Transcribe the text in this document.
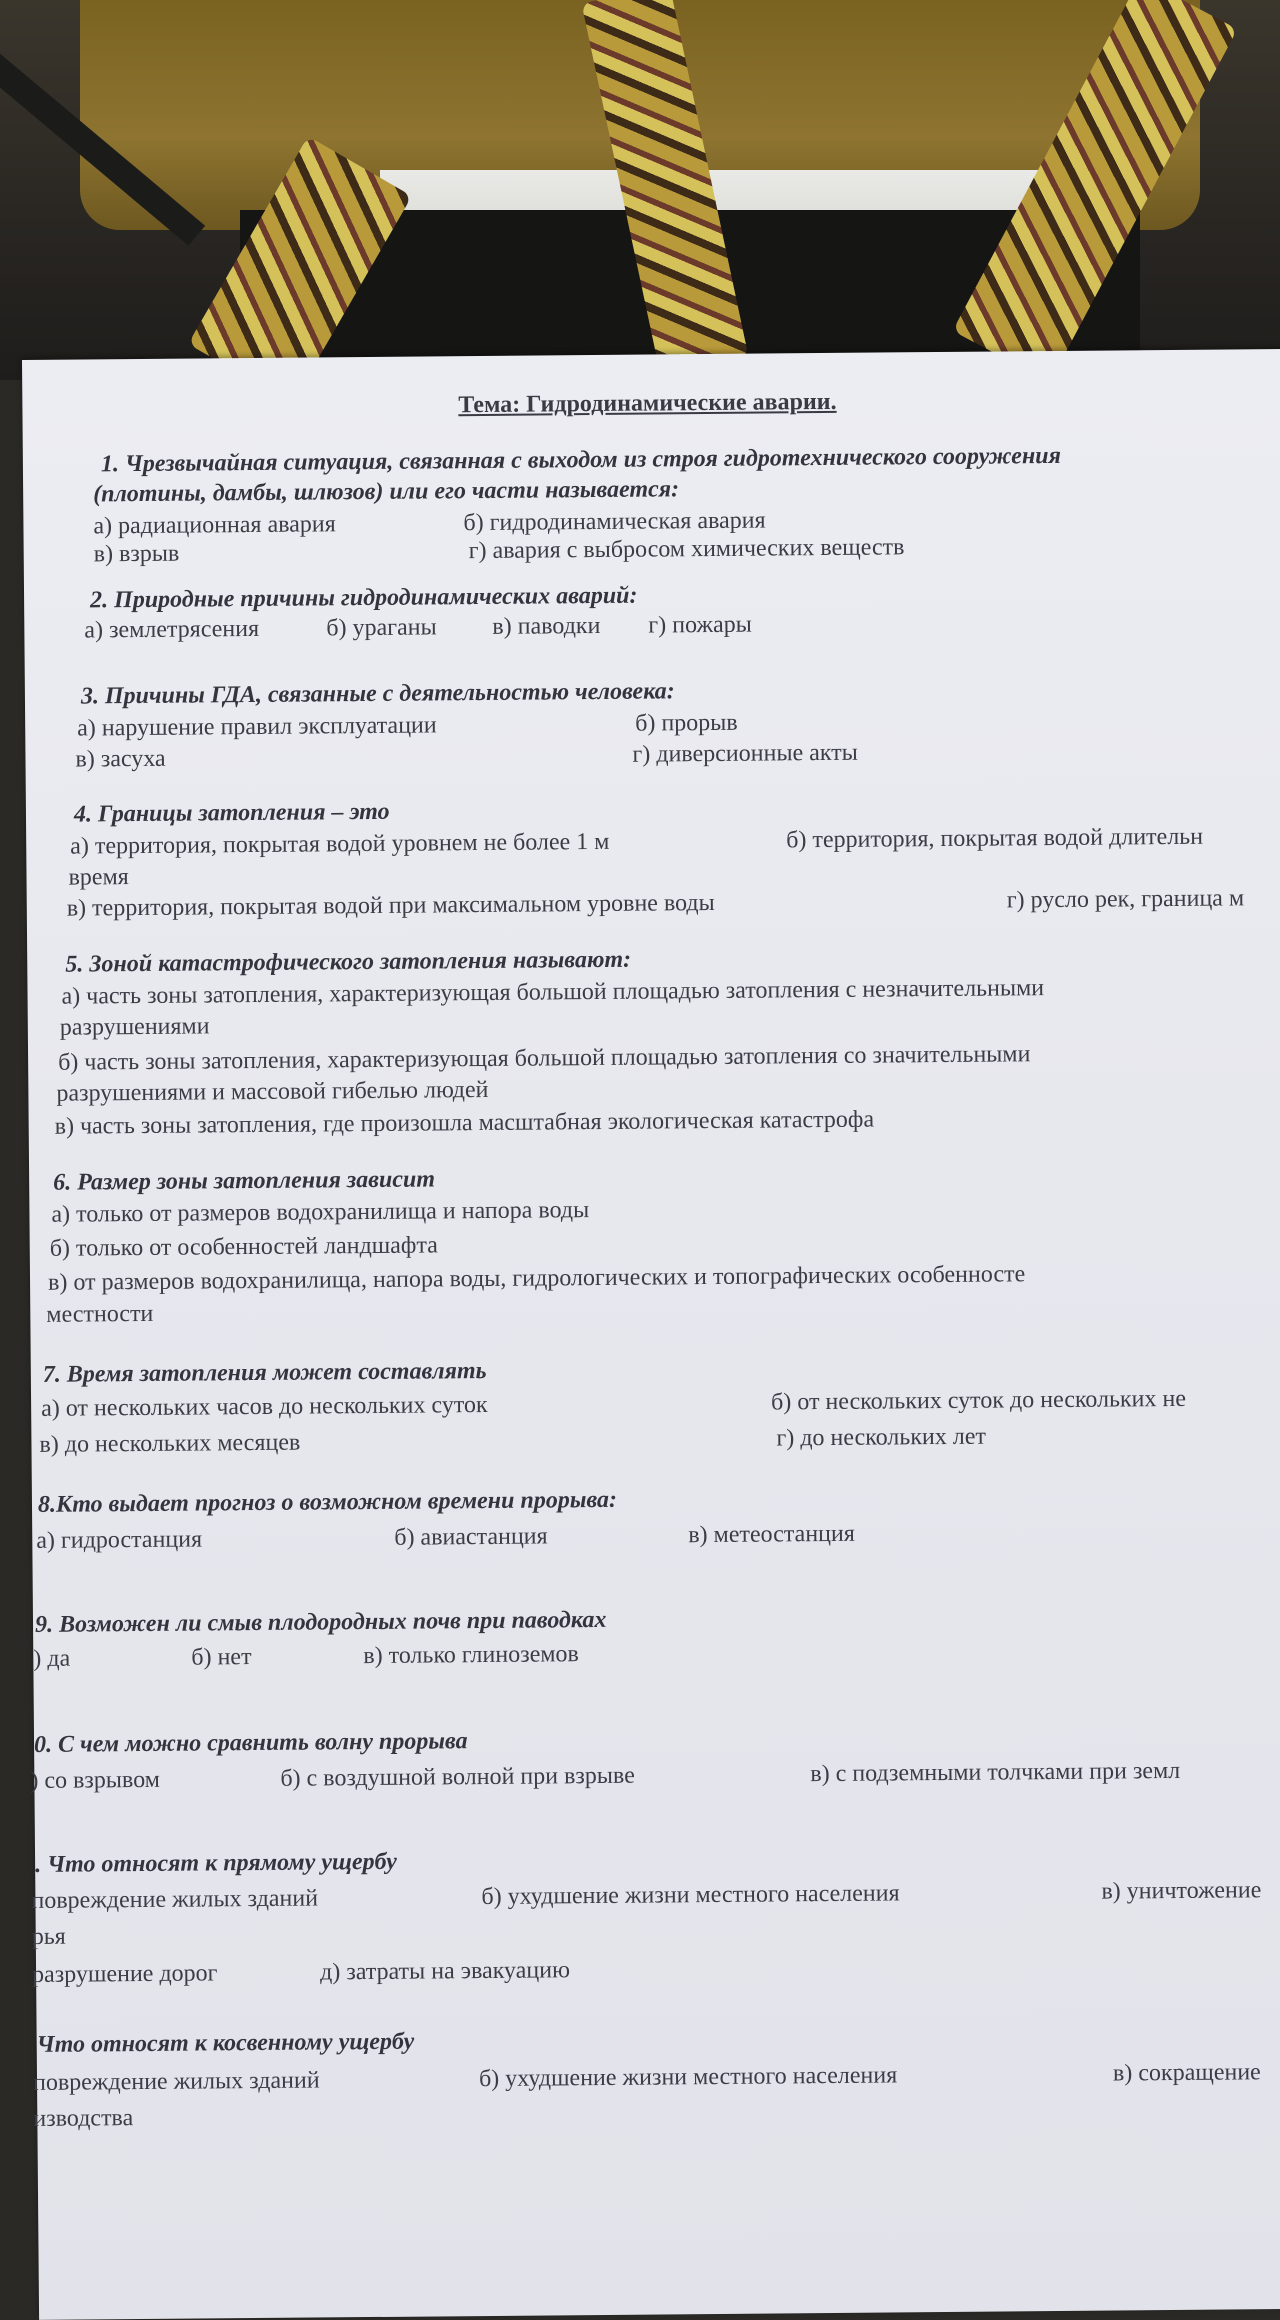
Тема: Гидродинамические аварии.
1. Чрезвычайная ситуация, связанная с выходом из строя гидротехнического сооружения
(плотины, дамбы, шлюзов) или его части называется:
а) радиационная авария	б) гидродинамическая авария
в) взрыв	г) авария с выбросом химических веществ
2. Природные причины гидродинамических аварий:
а) землетрясения	б) ураганы в) паводки г) пожары
3. Причины ГДА, связанные с деятельностью человека:
а) нарушение правил эксплуатации	б) прорыв
в) засуха	г) диверсионные акты
4. Границы затопления – это
а) территория, покрытая водой уровнем не более 1 м	б) территория, покрытая водой длительн
время
в) территория, покрытая водой при максимальном уровне воды	г) русло рек, граница м
5. Зоной катастрофического затопления называют:
а) часть зоны затопления, характеризующая большой площадью затопления с незначительными
разрушениями
б) часть зоны затопления, характеризующая большой площадью затопления со значительными
разрушениями и массовой гибелью людей
в) часть зоны затопления, где произошла масштабная экологическая катастрофа
6. Размер зоны затопления зависит
а) только от размеров водохранилища и напора воды
б) только от особенностей ландшафта
в) от размеров водохранилища, напора воды, гидрологических и топографических особенносте
местности
7. Время затопления может составлять
а) от нескольких часов до нескольких суток	б) от нескольких суток до нескольких не
в) до нескольких месяцев	г) до нескольких лет
8.Кто выдает прогноз о возможном времени прорыва:
а) гидростанция	б) авиастанция	в) метеостанция
9. Возможен ли смыв плодородных почв при паводках
) да	б) нет	в) только глиноземов
0. С чем можно сравнить волну прорыва
) со взрывом	б) с воздушной волной при взрыве	в) с подземными толчками при земл
. Что относят к прямому ущербу
повреждение жилых зданий	б) ухудшение жизни местного населения	в) уничтожение
рья
разрушение дорог	д) затраты на эвакуацию
Что относят к косвенному ущербу
повреждение жилых зданий	б) ухудшение жизни местного населения	в) сокращение
изводства
